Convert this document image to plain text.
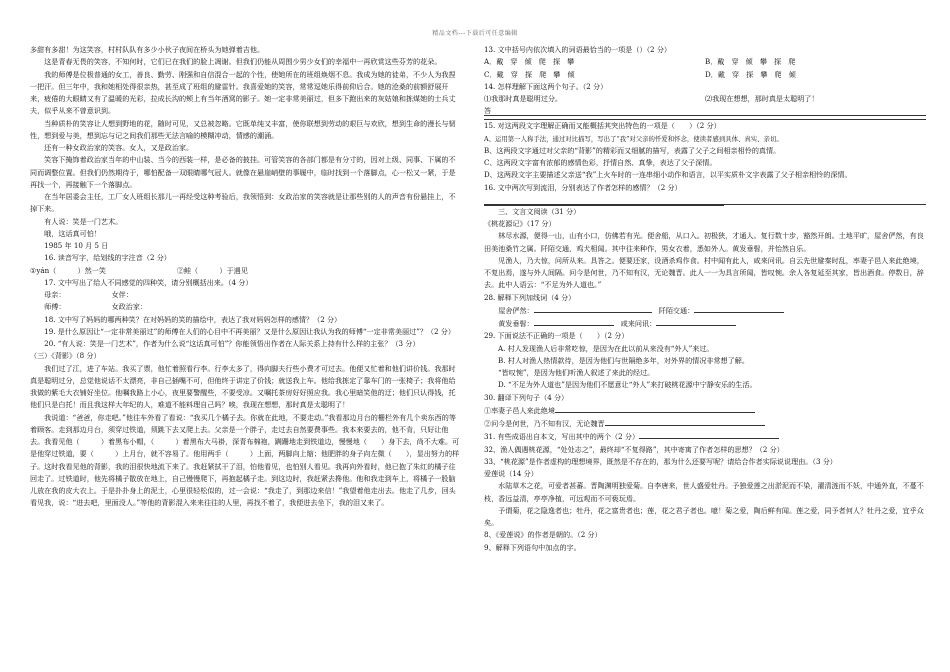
精品文档---下载后可任意编辑

多甜有多甜！为这笑容，村村队队有多少小伙子夜间在桥头为她弹着吉他。

　　这是青春无畏的笑容，不知何时，它们已在我们的脸上凋谢。但我们仍能从周围少男少女们的幸福中一再欣赏这些芬芳的花朵。

　　我的师傅是位极普通的女工，善良、勤劳、刚强和自信混合一起的个性，使她所在的班组焕烟不息。我成为她的徒弟，不少人为我捏一把汗。但三年中，我和她相处得很亲热，甚至成了班组的避雷针。我喜爱她的笑容，常常逗她乐得前仰后合。她的沧桑的前额舒展开来，疲倦的大眼睛又有了温暖的光彩，拉成长沟的颊上有当年酒窝的影子。她一定非常美丽过，但多下跑出来的灰姑娘和拣煤她的士兵丈夫，似乎从来不曾意识到。

　　当种质朴的笑容让人想到野地的花，随时可见，又总被忽略。它既单纯又丰富，使你联想到劳动的艰巨与欢欣，想到生命的漫长与韧性，想到爱与美，想到忘与记之间我们那些无法言喻的模糊冲动，情感的潮涌。

　　还有一种女政治家的笑容。女人，又是政治家。

　　笑容下掩饰着政治家当年的中山装、当今的西装一样，是必备的披挂。可管笑容的各部门都是有分寸的，因对上级、同事、下属的不同而调整位置。但我们仍然期待于，哪怕配备一双眼睛哪气冠人。就像在悬崖峭壁的事履中，临时找到一个落脚点，心一松又一紧，于是再找一个，再接触下一个落脚点。

　　在当年居委会主任，工厂女人班组长那儿一再经受这种考验后，我领悟到：女政治家的笑容就是让那些别的人的声音有份悬挂上，不掉下来。

　　有人说：笑是一门艺术。

　　哦，这话真可怕！

　　1985 年 10 月 5 日

　　16. 读音写字，给划线的字注音（2 分）

①yán（　　　）然一笑　　　　　　　　　　②鲑（　　　）于遇见

　　17. 文中写出了给人不同感觉的四种笑，请分别概括出来。（4 分）

　　母亲：　　　　　　　女伴：

　　师傅：　　　　　　　女政治家：

　　18. 文中写了妈妈的哪两种笑？在对妈妈的笑的描绘中，表达了我对妈妈怎样的感情？（2 分）

　　19. 是什么原因让“一定非常美丽过”的师傅在人们的心目中不再美丽？又是什么原因让我认为我的师傅“一定非常美丽过”？（2 分）

　　20. “有人说：笑是一门艺术”，作者为什么说“这话真可怕”？你能领悟出作者在人际关系上持有什么样的主张？（3 分）

（三）《背影》（8 分）

　　我们过了江，进了车站。我买了票，他忙着照看行李。行李太多了，得向脚夫行些小费才可过去。他便又忙着和他们讲价钱。我那时真是聪明过分，总觉他说话不太漂亮，非自己插嘴不可，但他终于讲定了价钱；就送我上车。他给我拣定了靠车门的一张椅子；我将他给我做的紫毛大衣铺好坐位。他嘱我路上小心，夜里要警醒些，不要受凉。又嘱托茶房好好照应我。我心里暗笑他的迂；他们只认得钱，托他们只是白托！而且我这样大年纪的人，难道不能料理自己吗？唉，我现在想想，那时真是太聪明了！

　　我说道：“爸爸，你走吧。”他往车外看了看说：“我买几个橘子去。你就在此地，不要走动。”我看那边月台的栅栏外有几个卖东西的等着顾客。走到那边月台，须穿过铁道，须跳下去又爬上去。父亲是一个胖子，走过去自然要费事些。我本来要去的，他不肯，只好让他去。我看见他（　　　）着黑布小帽，（　　　）着黑布大马褂，深青布棉袍，蹒跚地走到铁道边，慢慢地（　　）身下去，尚不大难。可是他穿过铁道，要（　　　）上月台，就不容易了。他用两手（　　　）上面，两脚向上缩；他肥胖的身子向左微（　　），显出努力的样子。这时我看见他的背影，我的泪很快地流下来了。我赶紧拭干了泪，怕他看见，也怕别人看见。我再向外看时，他已抱了朱红的橘子往回走了。过铁道时，他先将橘子散放在地上，自己慢慢爬下，再抱起橘子走。到这边时，我赶紧去搀他。他和我走到车上，将橘子一股脑儿放在我的皮大衣上。于是扑扑身上的泥土，心里很轻松似的，过一会说：“我走了，到那边来信！”我望着他走出去。他走了几步，回头看见我，说：“进去吧，里面没人。”等他的背影混入来来往往的人里，再找不着了，我便进去坐下，我的泪又来了。

13. 文中括号内依次填入的词语最恰当的一项是（）（2 分）

A．戴　穿　倾　爬　探　攀	B．戴　穿　倾　攀　探　爬
C．戴　穿　探　爬　攀　倾	D．戴　穿　探　攀　爬　倾

14. 怎样理解下面这两个句子。（2 分）

⑴我那时真是聪明过分。	⑵我现在想想，那时真是太聪明了！

答

15. 对这两段文字理解正确而又能概括其突出特色的一项是（　　）（2 分）

A、运用第一人称手法，通过对比描写，写出了“我”对父亲的忏爱和怀念，使读者感到具体、真实、亲切。

B、这两段文字通过对父亲的“背影”的精彩而又细腻的描写，表露了父子之间相亲相怜的真情。

C、这两段文字富有浓郁的感情色彩，抒情自然、真挚，表达了父子深情。

D、这两段文字主要描述父亲送“我”上火车时的一连串细小动作和语言，以平实质朴文字表露了父子相亲相怜的深情。

16. 文中两次写到流泪，分别表达了作者怎样的感情？（2 分）

三、文言文阅读（31 分）

《桃花源记》（17 分）

　　林尽水源，便得一山，山有小口，仿佛若有光。便舍船，从口入。初极狭，才通人。复行数十步，豁然开朗。土地平旷，屋舍俨然，有良田美池桑竹之属。阡陌交通，鸡犬相闻。其中往来种作，男女衣着，悉如外人。黄发垂髫，并怡然自乐。

　　见渔人，乃大惊，问所从来。具答之。便要还家，设酒杀鸡作食。村中闻有此人，咸来问讯。自云先世避秦时乱，率妻子邑人来此绝境，不复出焉，遂与外人间隔。问今是何世，乃不知有汉，无论魏晋。此人一一为具言所闻，皆叹惋。余人各复延至其家，皆出酒食。停数日，辞去。此中人语云：“不足为外人道也。”

28. 解释下列加线词（4 分）

　　屋舍俨然：　	阡陌交通：

　　黄发垂髫：　	咸来问讯：

29. 下面说法不正确的一项是（　　）（2 分）

A. 村人发现渔人后非常吃惊，是因为在此以前从来没有“外人”来过。

B. 村人对渔人热情款待，是因为他们与世隔绝多年，对外界的情况非常想了解。

“皆叹惋”，是因为他们听渔人叙述了来此的经过。

D. “不足为外人道也”是因为他们不愿意让“外人”来打破桃花源中宁静安乐的生活。

30. 翻译下列句子（4 分）

①率妻子邑人来此绝境

②问今是何世，乃不知有汉，无论魏晋

31. 有些成语出自本文，写出其中的两个（2 分）

32、渔人偶遇桃花源，“处处志之”，最终却“不复得路”，其中寄寓了作者怎样的思想？（2 分）

33、“桃花源”是作者虚构的理想境界，既然是不存在的，那为什么还要写呢？请给合作者实际说说理由。（3 分）

爱莲说（14 分）

　　水陆草木之花，可爱者甚蕃。晋陶渊明独爱菊。自李唐来，世人盛爱牡丹。予独爱莲之出淤泥而不染，濯清涟而不妖，中通外直，不蔓不枝，香远益清，亭亭净植，可远观而不可亵玩焉。

　　予谓菊，花之隐逸者也；牡丹，花之富贵者也；莲，花之君子者也。噫！菊之爱，陶后鲜有闻。莲之爱，同予者何人？牡丹之爱，宜乎众矣。

8、《爱莲说》的作者是朝的。（2 分）

9、解释下列语句中加点的字。
